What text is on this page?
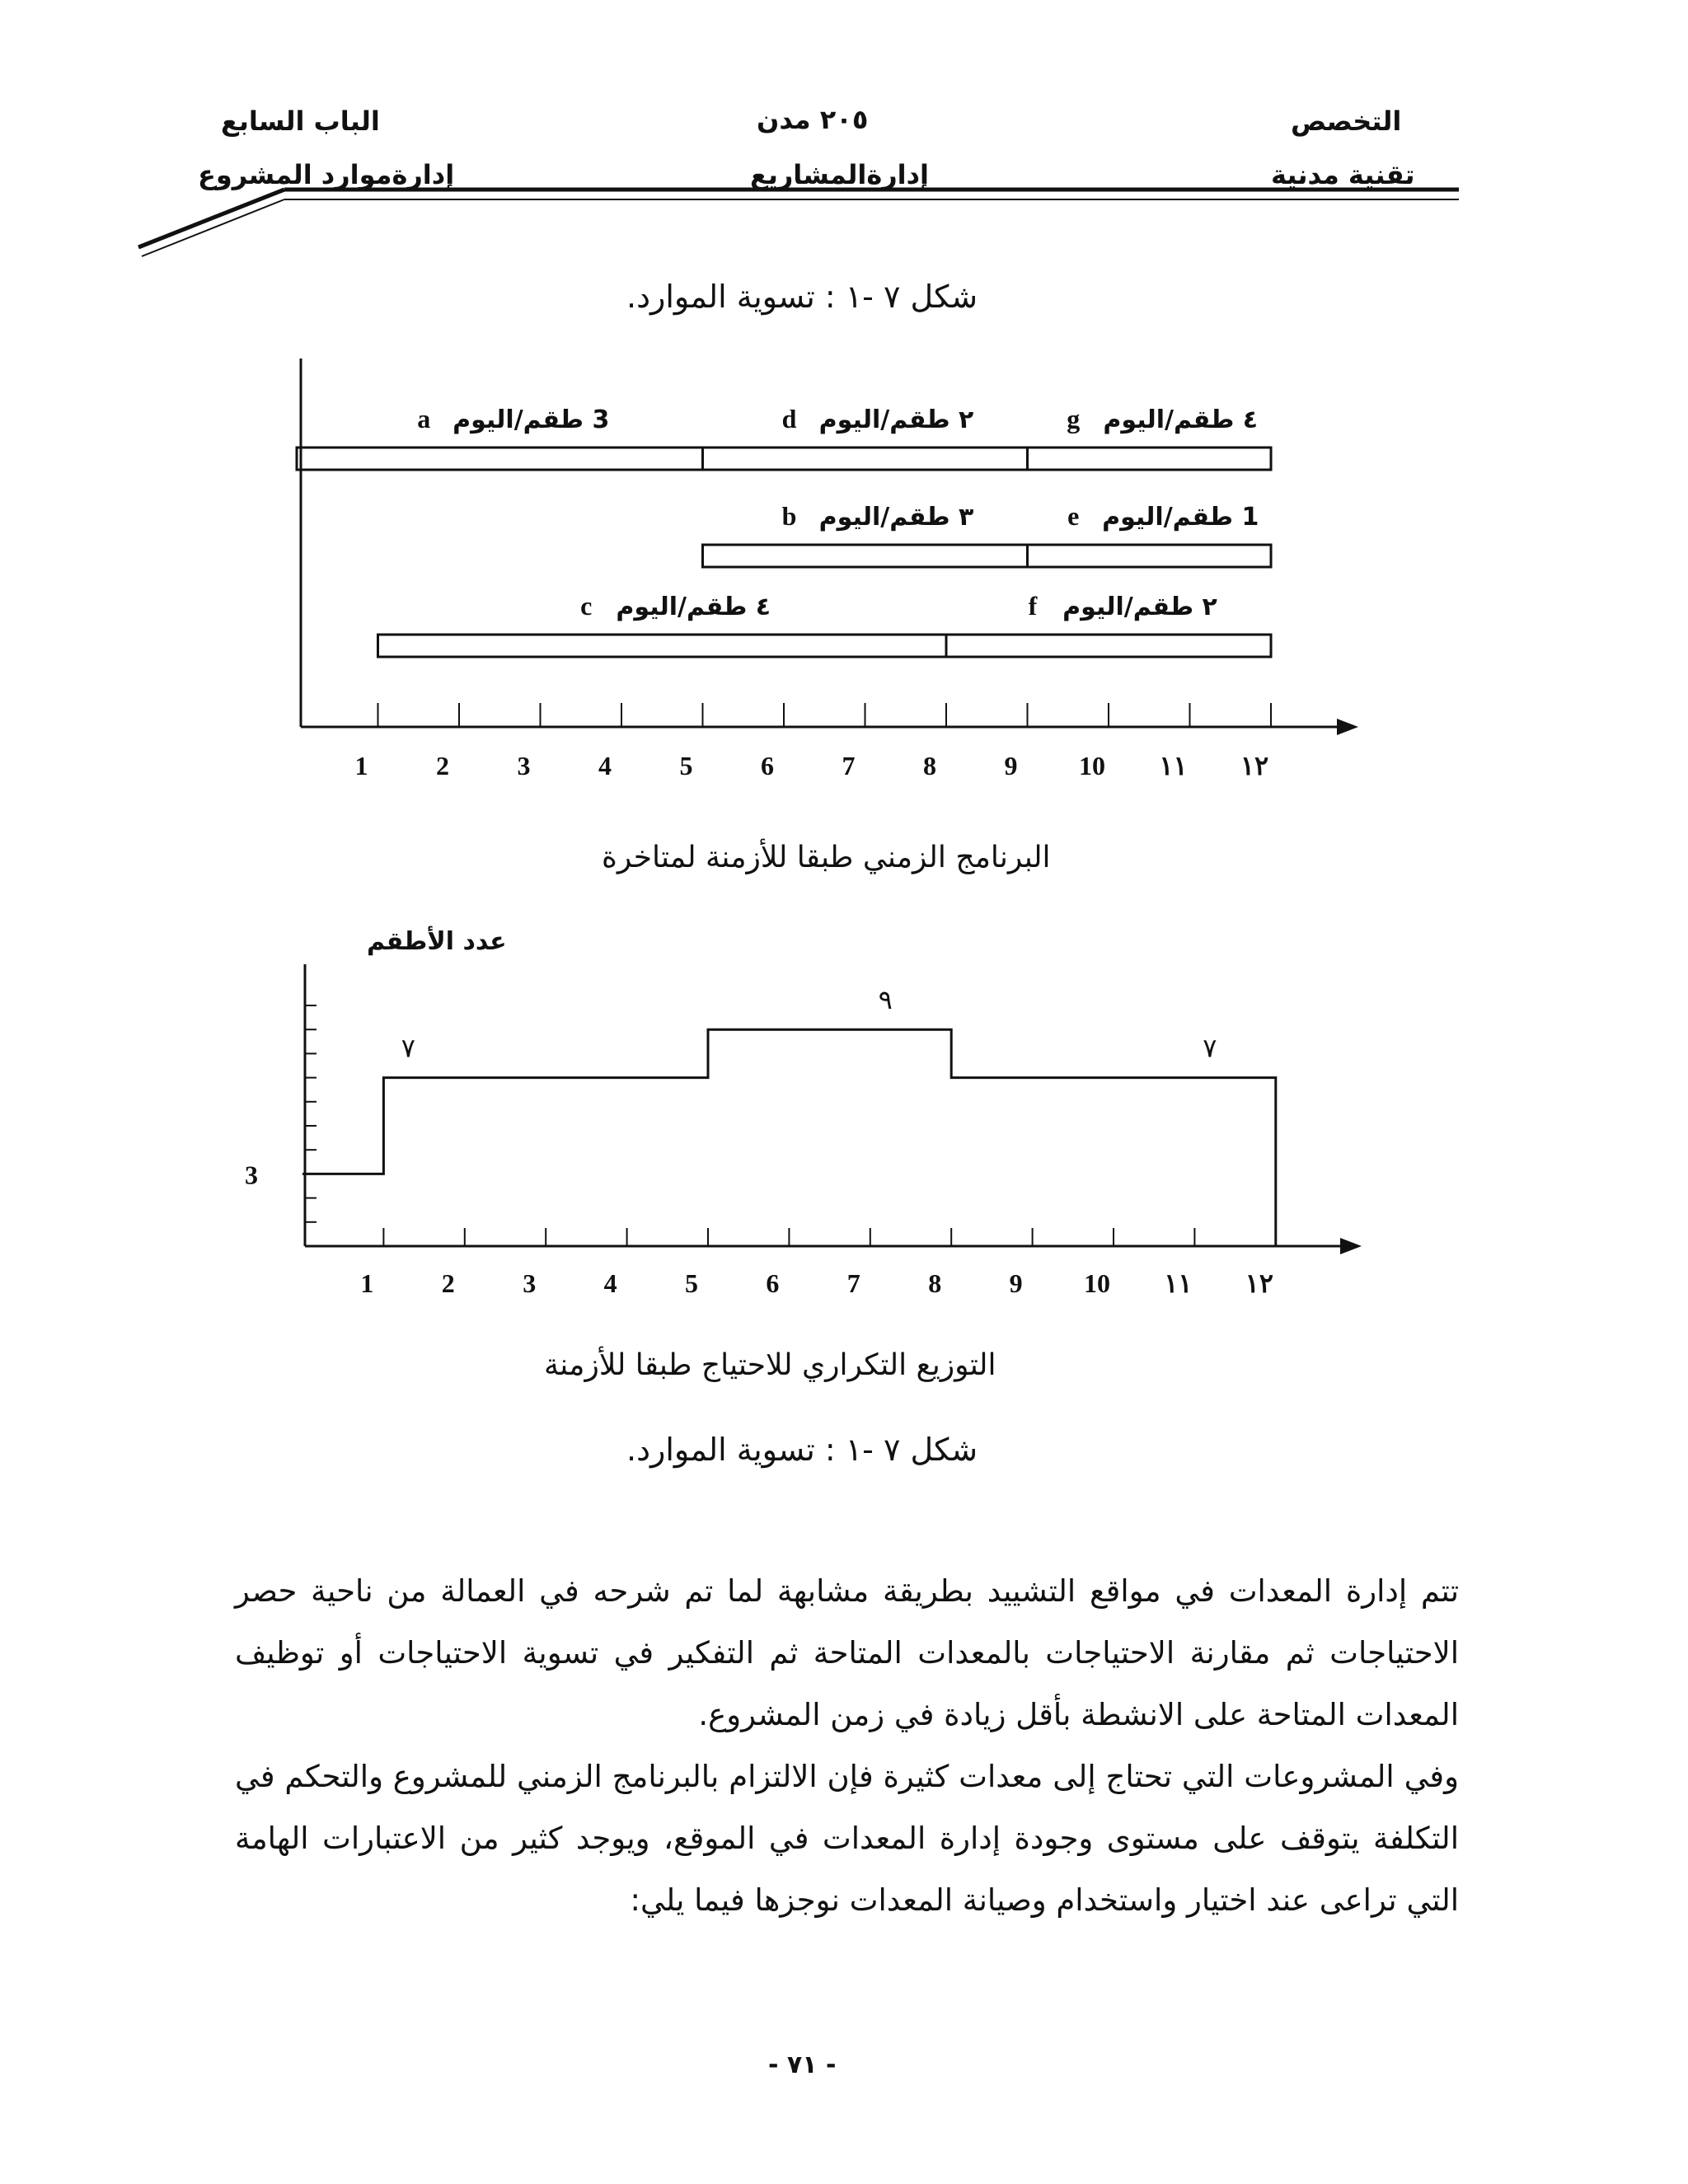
الباب السابع
إدارةموارد المشروع
٢٠٥ مدن
إدارةالمشاريع
التخصص
تقنية مدنية
شكل ٧ -١ : تسوية الموارد.
1	2	3	4	5	6	7	8	9 10 ١١ ١٢
3 طقم/اليوم
a	٢ طقم/اليوم
d	٤ طقم/اليوم
g
٣ طقم/اليوم
b	1 طقم/اليوم
e
٤ طقم/اليوم
c	٢ طقم/اليوم
f
البرنامج الزمني طبقا للأزمنة لمتاخرة
عدد الأطقم
1	2	3	4	5	6	7	8	9 10 ١١ ١٢
3
٧
٩
٧
التوزيع التكراري للاحتياج طبقا للأزمنة
شكل ٧ -١ : تسوية الموارد.

تتم إدارة المعدات في مواقع التشييد بطريقة مشابهة لما تم شرحه في العمالة من ناحية حصر الاحتياجات ثم مقارنة الاحتياجات بالمعدات المتاحة ثم التفكير في تسوية الاحتياجات أو توظيف المعدات المتاحة على الانشطة بأقل زيادة في زمن المشروع.

وفي المشروعات التي تحتاج إلى معدات كثيرة فإن الالتزام بالبرنامج الزمني للمشروع والتحكم في التكلفة يتوقف على مستوى وجودة إدارة المعدات في الموقع، ويوجد كثير من الاعتبارات الهامة التي تراعى عند اختيار واستخدام وصيانة المعدات نوجزها فيما يلي:

- ٧١ -
